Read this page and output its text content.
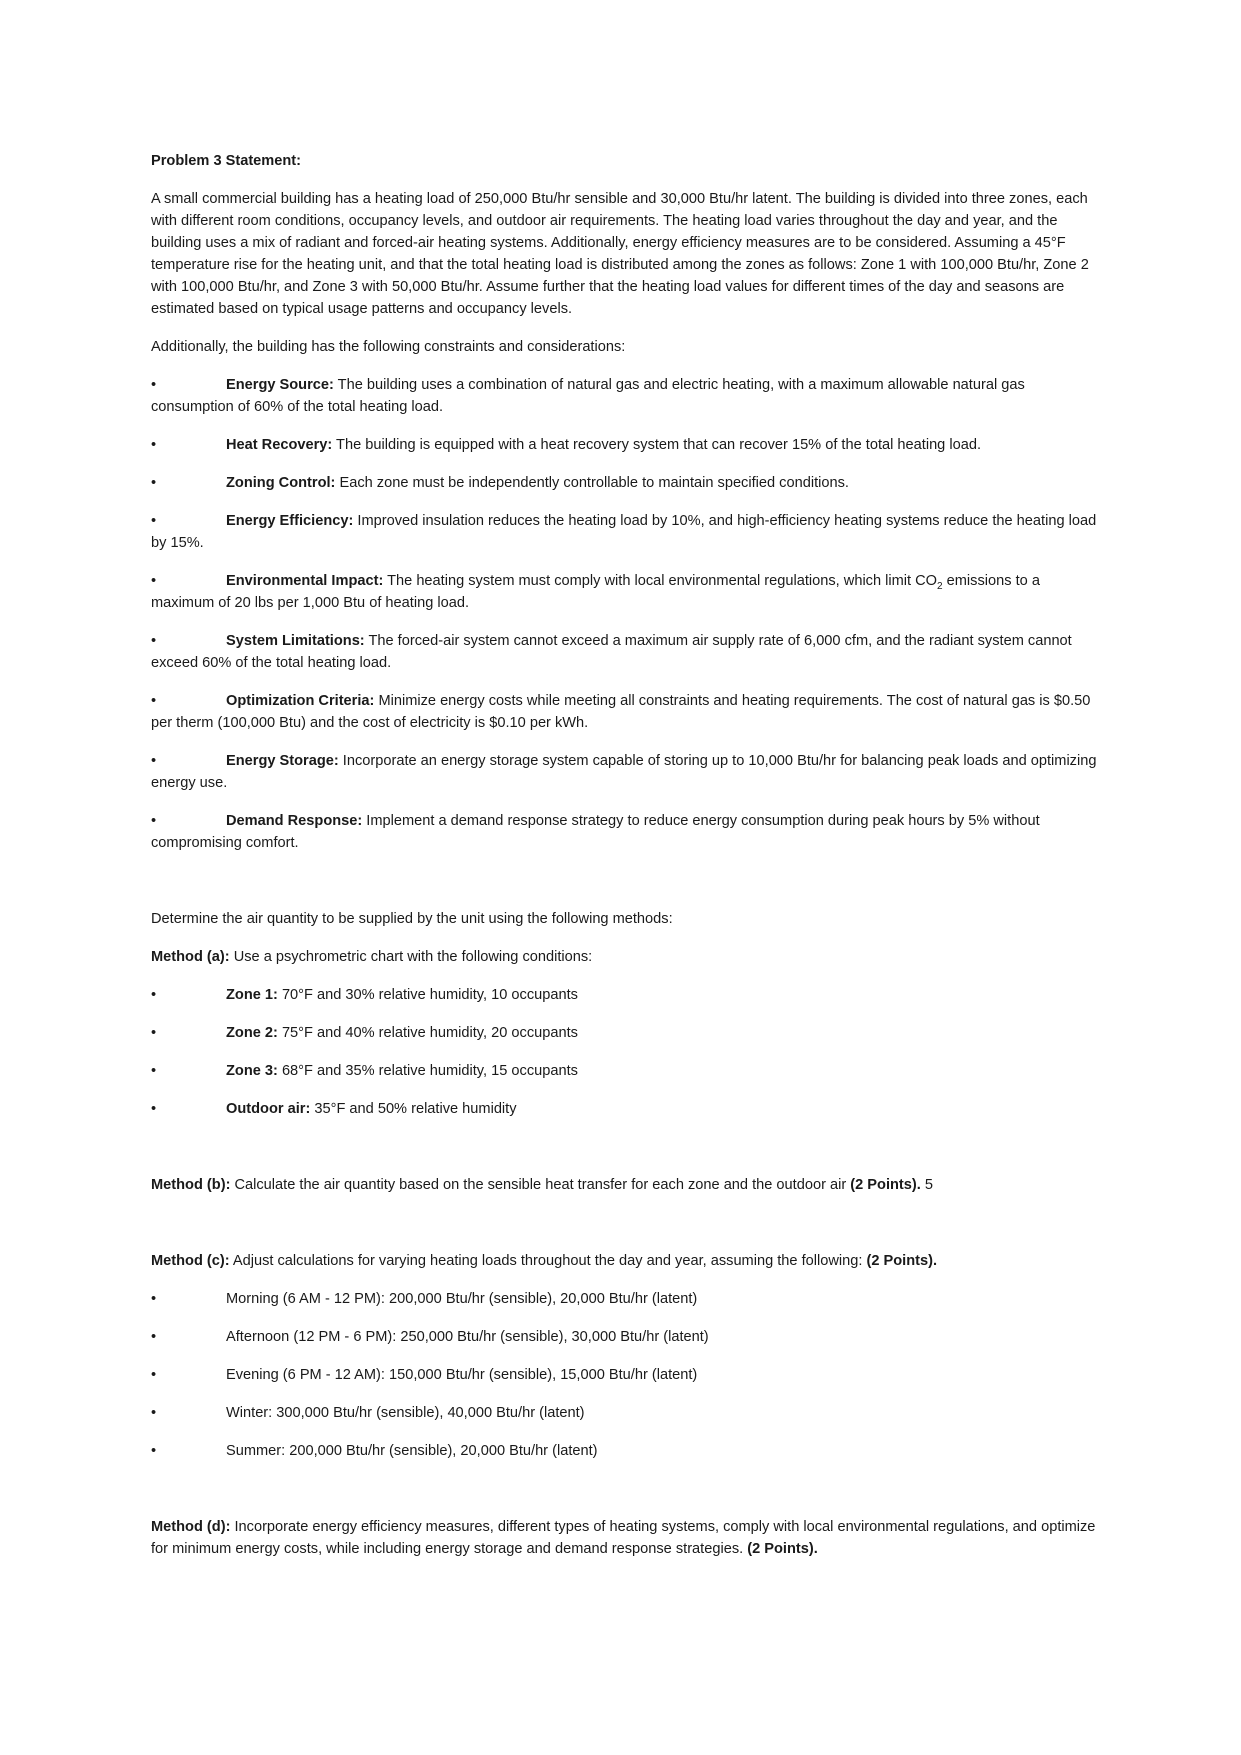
Problem 3 Statement:

A small commercial building has a heating load of 250,000 Btu/hr sensible and 30,000 Btu/hr latent. The building is divided into three zones, each with different room conditions, occupancy levels, and outdoor air requirements. The heating load varies throughout the day and year, and the building uses a mix of radiant and forced-air heating systems. Additionally, energy efficiency measures are to be considered. Assuming a 45°F temperature rise for the heating unit, and that the total heating load is distributed among the zones as follows: Zone 1 with 100,000 Btu/hr, Zone 2 with 100,000 Btu/hr, and Zone 3 with 50,000 Btu/hr. Assume further that the heating load values for different times of the day and seasons are estimated based on typical usage patterns and occupancy levels.

Additionally, the building has the following constraints and considerations:

•	Energy Source: The building uses a combination of natural gas and electric heating, with a maximum allowable natural gas consumption of 60% of the total heating load.

•	Heat Recovery: The building is equipped with a heat recovery system that can recover 15% of the total heating load.

•	Zoning Control: Each zone must be independently controllable to maintain specified conditions.

•	Energy Efficiency: Improved insulation reduces the heating load by 10%, and high-efficiency heating systems reduce the heating load by 15%.

•	Environmental Impact: The heating system must comply with local environmental regulations, which limit $CO_2$ emissions to a maximum of 20 lbs per 1,000 Btu of heating load.

•	System Limitations: The forced-air system cannot exceed a maximum air supply rate of 6,000 cfm, and the radiant system cannot exceed 60% of the total heating load.

•	Optimization Criteria: Minimize energy costs while meeting all constraints and heating requirements. The cost of natural gas is $0.50 per therm (100,000 Btu) and the cost of electricity is $0.10 per kWh.

•	Energy Storage: Incorporate an energy storage system capable of storing up to 10,000 Btu/hr for balancing peak loads and optimizing energy use.

•	Demand Response: Implement a demand response strategy to reduce energy consumption during peak hours by 5% without compromising comfort.

Determine the air quantity to be supplied by the unit using the following methods:

Method (a): Use a psychrometric chart with the following conditions:

•	Zone 1: 70°F and 30% relative humidity, 10 occupants

•	Zone 2: 75°F and 40% relative humidity, 20 occupants

•	Zone 3: 68°F and 35% relative humidity, 15 occupants

•	Outdoor air: 35°F and 50% relative humidity

Method (b): Calculate the air quantity based on the sensible heat transfer for each zone and the outdoor air (2 Points). 5

Method (c): Adjust calculations for varying heating loads throughout the day and year, assuming the following: (2 Points).

•	Morning (6 AM - 12 PM): 200,000 Btu/hr (sensible), 20,000 Btu/hr (latent)

•	Afternoon (12 PM - 6 PM): 250,000 Btu/hr (sensible), 30,000 Btu/hr (latent)

•	Evening (6 PM - 12 AM): 150,000 Btu/hr (sensible), 15,000 Btu/hr (latent)

•	Winter: 300,000 Btu/hr (sensible), 40,000 Btu/hr (latent)

•	Summer: 200,000 Btu/hr (sensible), 20,000 Btu/hr (latent)

Method (d): Incorporate energy efficiency measures, different types of heating systems, comply with local environmental regulations, and optimize for minimum energy costs, while including energy storage and demand response strategies. (2 Points).
